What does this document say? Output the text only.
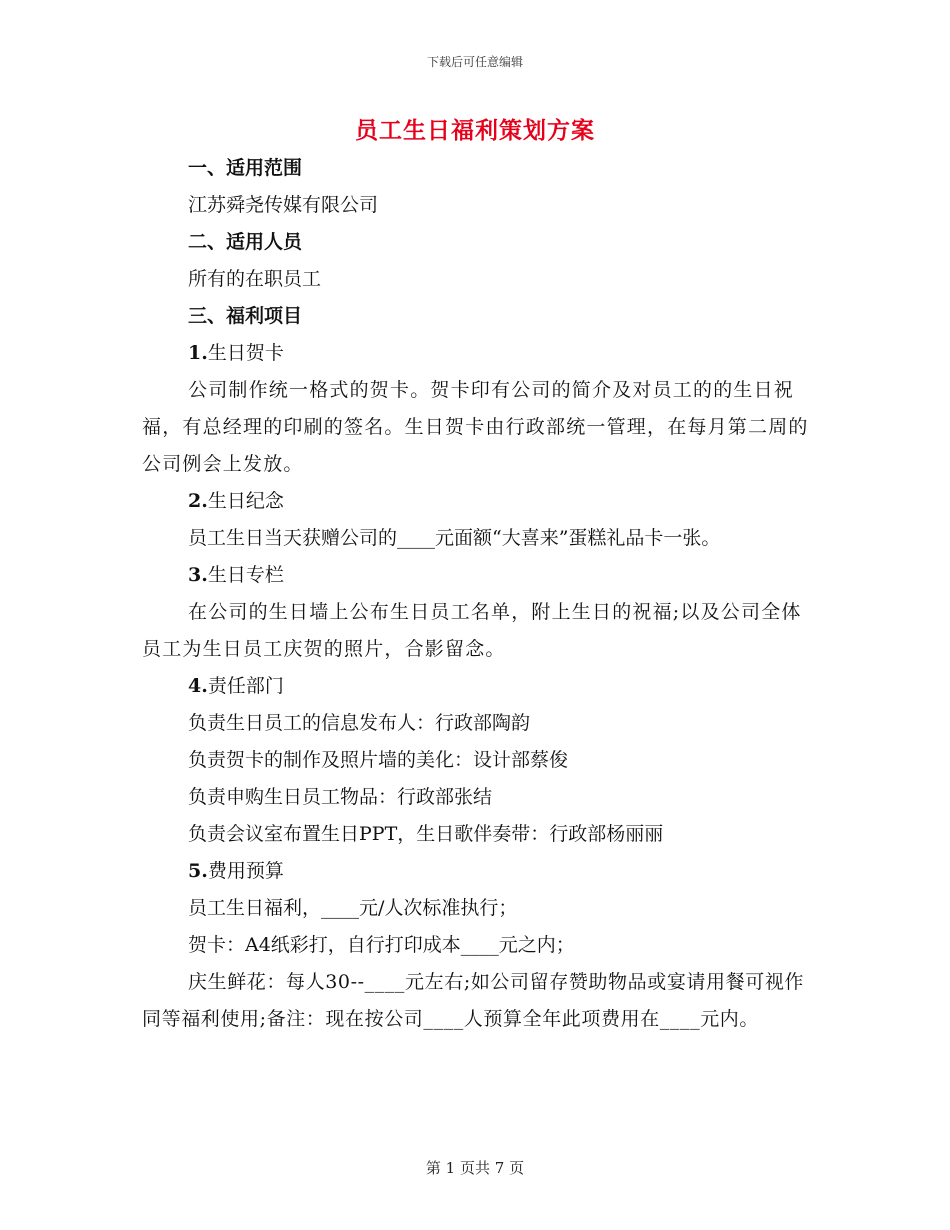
下载后可任意编辑
员工生日福利策划方案
一、适用范围
江苏舜尧传媒有限公司
二、适用人员
所有的在职员工
三、福利项目
1.生日贺卡
公司制作统一格式的贺卡。贺卡印有公司的简介及对员工的的生日祝福，有总经理的印刷的签名。生日贺卡由行政部统一管理，在每月第二周的公司例会上发放。
2.生日纪念
员工生日当天获赠公司的____元面额“大喜来”蛋糕礼品卡一张。
3.生日专栏
在公司的生日墙上公布生日员工名单，附上生日的祝福;以及公司全体员工为生日员工庆贺的照片，合影留念。
4.责任部门
负责生日员工的信息发布人：行政部陶韵
负责贺卡的制作及照片墙的美化：设计部蔡俊
负责申购生日员工物品：行政部张结
负责会议室布置生日PPT，生日歌伴奏带：行政部杨丽丽
5.费用预算
员工生日福利，____元/人次标准执行；
贺卡：A4纸彩打，自行打印成本____元之内；
庆生鲜花：每人30--____元左右;如公司留存赞助物品或宴请用餐可视作同等福利使用;备注：现在按公司____人预算全年此项费用在____元内。
第 1 页共 7 页
